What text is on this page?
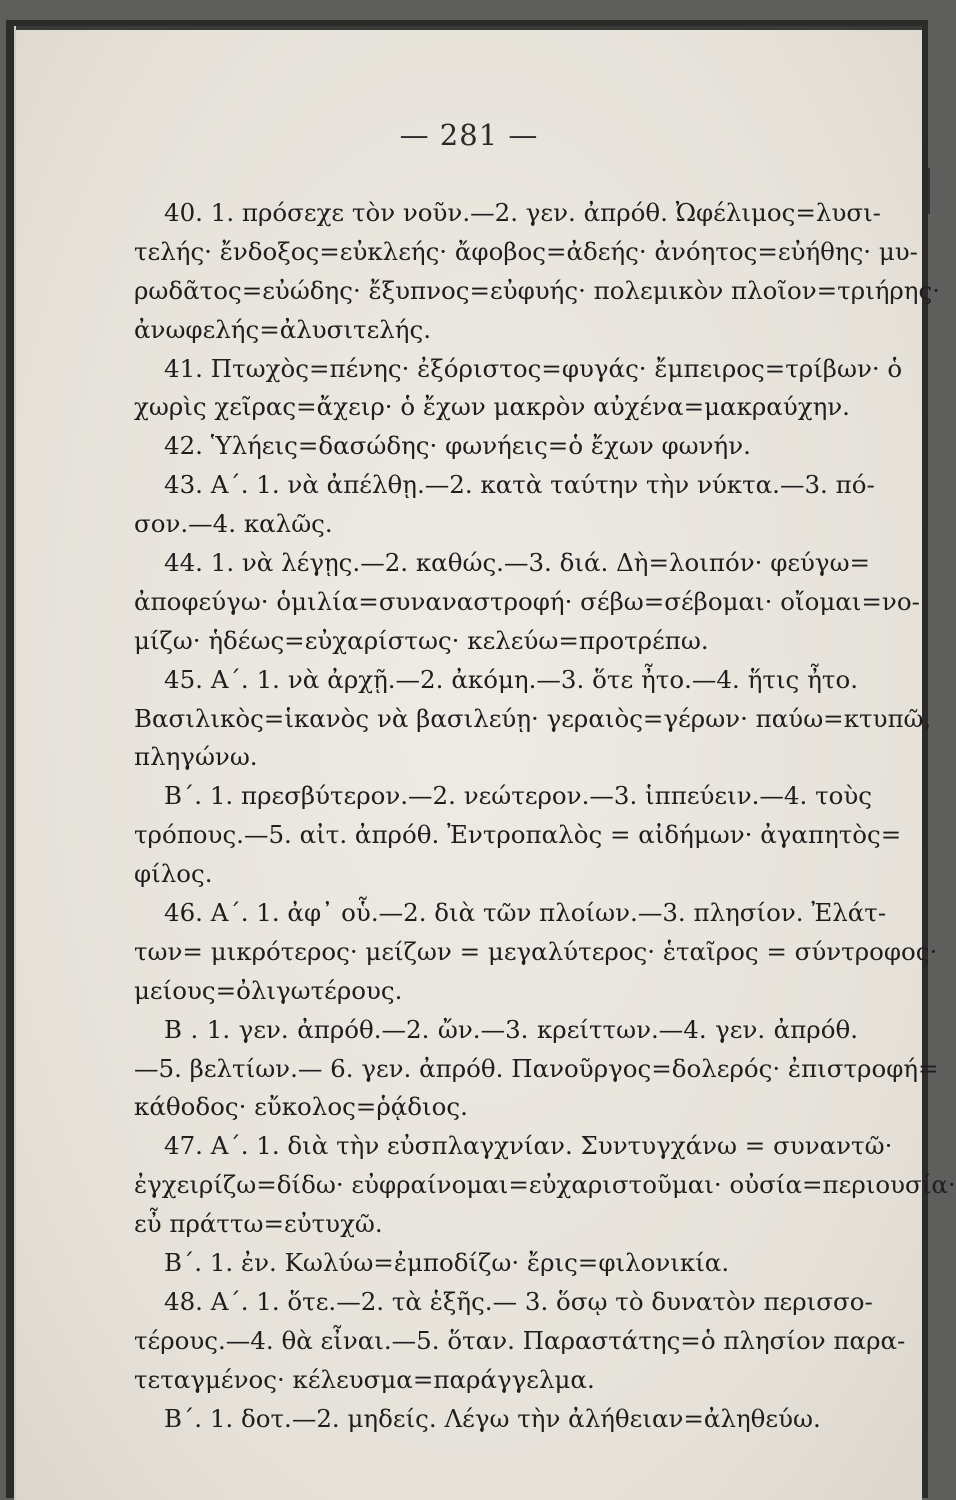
— 281 —
40. 1. πρόσεχε τὸν νοῦν.—2. γεν. ἀπρόθ. Ὠφέλιμος=λυσι-
τελής· ἔνδοξος=εὐκλεής· ἄφοβος=ἀδεής· ἀνόητος=εὐήθης· μυ-
ρωδᾶτος=εὐώδης· ἔξυπνος=εὐφυής· πολεμικὸν πλοῖον=τριήρης·
ἀνωφελής=ἀλυσιτελής.
41. Πτωχὸς=πένης· ἐξόριστος=φυγάς· ἔμπειρος=τρίβων· ὁ
χωρὶς χεῖρας=ἄχειρ· ὁ ἔχων μακρὸν αὐχένα=μακραύχην.
42. Ὑλήεις=δασώδης· φωνήεις=ὁ ἔχων φωνήν.
43. Α΄. 1. νὰ ἀπέλθῃ.—2. κατὰ ταύτην τὴν νύκτα.—3. πό-
σον.—4. καλῶς.
44. 1. νὰ λέγῃς.—2. καθώς.—3. διά. Δὴ=λοιπόν· φεύγω=
ἀποφεύγω· ὁμιλία=συναναστροφή· σέβω=σέβομαι· οἴομαι=νο-
μίζω· ἡδέως=εὐχαρίστως· κελεύω=προτρέπω.
45. Α΄. 1. νὰ ἀρχῇ.—2. ἀκόμη.—3. ὅτε ἦτο.—4. ἥτις ἦτο.
Βασιλικὸς=ἱκανὸς νὰ βασιλεύῃ· γεραιὸς=γέρων· παύω=κτυπῶ,
πληγώνω.
Β΄. 1. πρεσβύτερον.—2. νεώτερον.—3. ἱππεύειν.—4. τοὺς
τρόπους.—5. αἰτ. ἀπρόθ. Ἐντροπαλὸς = αἰδήμων· ἀγαπητὸς=
φίλος.
46. Α΄. 1. ἀφ᾽ οὗ.—2. διὰ τῶν πλοίων.—3. πλησίον. Ἐλάτ-
των= μικρότερος· μείζων = μεγαλύτερος· ἑταῖρος = σύντροφος·
μείους=ὀλιγωτέρους.
Β . 1. γεν. ἀπρόθ.—2. ὤν.—3. κρείττων.—4. γεν. ἀπρόθ.
—5. βελτίων.— 6. γεν. ἀπρόθ. Πανοῦργος=δολερός· ἐπιστροφή=
κάθοδος· εὔκολος=ῥᾴδιος.
47. Α΄. 1. διὰ τὴν εὐσπλαγχνίαν. Συντυγχάνω = συναντῶ·
ἐγχειρίζω=δίδω· εὐφραίνομαι=εὐχαριστοῦμαι· οὐσία=περιουσία·
εὖ πράττω=εὐτυχῶ.
Β΄. 1. ἐν. Κωλύω=ἐμποδίζω· ἔρις=φιλονικία.
48. Α΄. 1. ὅτε.—2. τὰ ἑξῆς.— 3. ὅσῳ τὸ δυνατὸν περισσο-
τέρους.—4. θὰ εἶναι.—5. ὅταν. Παραστάτης=ὁ πλησίον παρα-
τεταγμένος· κέλευσμα=παράγγελμα.
Β΄. 1. δοτ.—2. μηδείς. Λέγω τὴν ἀλήθειαν=ἀληθεύω.
